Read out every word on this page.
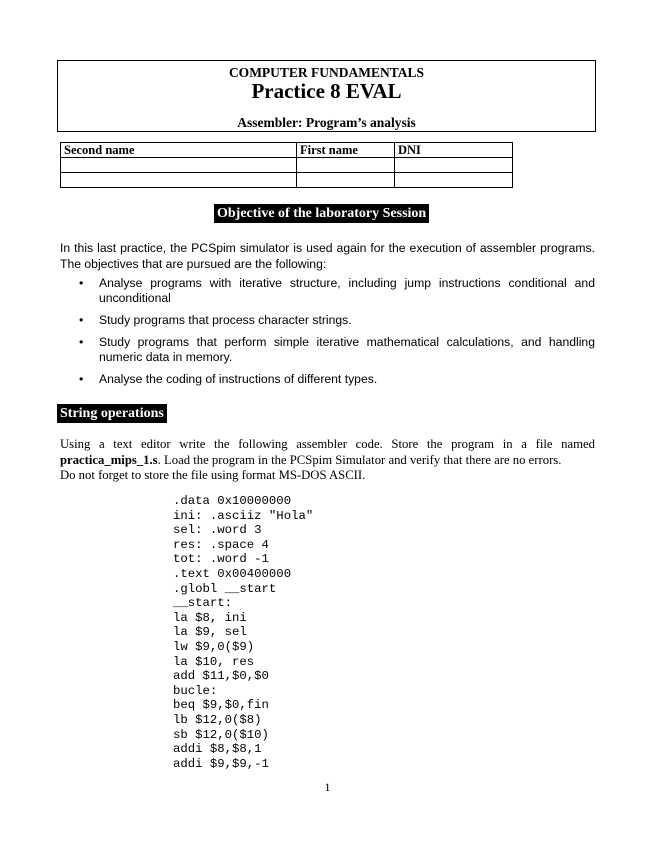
COMPUTER FUNDAMENTALS
Practice 8 EVAL
Assembler: Program’s analysis
Second name	First name	DNI

Objective of the laboratory Session

In this last practice, the PCSpim simulator is used again for the execution of assembler programs. The objectives that are pursued are the following:

• Analyse programs with iterative structure, including jump instructions conditional and unconditional
• Study programs that process character strings.
• Study programs that perform simple iterative mathematical calculations, and handling numeric data in memory.
• Analyse the coding of instructions of different types.
String operations
Using a text editor write the following assembler code. Store the program in a file named
practica_mips_1.s. Load the program in the PCSpim Simulator and verify that there are no errors.
Do not forget to store the file using format MS-DOS ASCII.
.data 0x10000000
ini: .asciiz "Hola"
sel: .word 3
res: .space 4
tot: .word -1
.text 0x00400000
.globl __start
__start:
la $8, ini
la $9, sel
lw $9,0($9)
la $10, res
add $11,$0,$0
bucle:
beq $9,$0,fin
lb $12,0($8)
sb $12,0($10)
addi $8,$8,1
addi $9,$9,-1

1
